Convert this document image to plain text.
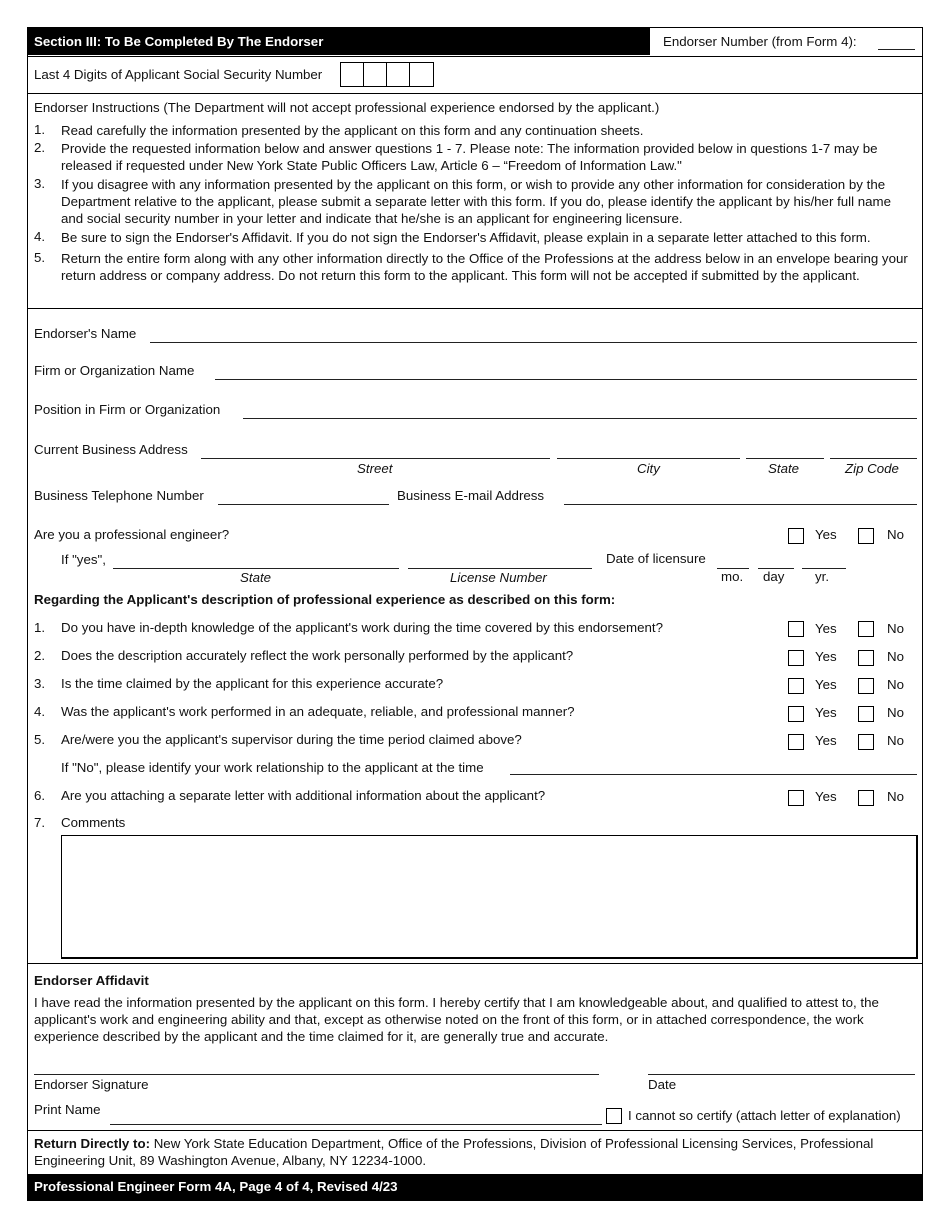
Section III: To Be Completed By The Endorser	Endorser Number (from Form 4):
Last 4 Digits of Applicant Social Security Number
Endorser Instructions (The Department will not accept professional experience endorsed by the applicant.)
1. Read carefully the information presented by the applicant on this form and any continuation sheets.
2. Provide the requested information below and answer questions 1 - 7. Please note: The information provided below in questions 1-7 may be released if requested under New York State Public Officers Law, Article 6 – “Freedom of Information Law."
3. If you disagree with any information presented by the applicant on this form, or wish to provide any other information for consideration by the Department relative to the applicant, please submit a separate letter with this form. If you do, please identify the applicant by his/her full name and social security number in your letter and indicate that he/she is an applicant for engineering licensure.
4. Be sure to sign the Endorser's Affidavit. If you do not sign the Endorser's Affidavit, please explain in a separate letter attached to this form.
5. Return the entire form along with any other information directly to the Office of the Professions at the address below in an envelope bearing your return address or company address. Do not return this form to the applicant. This form will not be accepted if submitted by the applicant.
Endorser's Name
Firm or Organization Name
Position in Firm or Organization
Current Business Address
Street	City	State	Zip Code
Business Telephone Number	Business E-mail Address
Are you a professional engineer?	Yes	No
If "yes",
State	License Number
Date of licensure
mo. day yr.
Regarding the Applicant's description of professional experience as described on this form:
1. Do you have in-depth knowledge of the applicant's work during the time covered by this endorsement?	Yes	No
2. Does the description accurately reflect the work personally performed by the applicant?	Yes	No
3. Is the time claimed by the applicant for this experience accurate?	Yes	No
4. Was the applicant's work performed in an adequate, reliable, and professional manner?	Yes	No
5. Are/were you the applicant's supervisor during the time period claimed above?	Yes	No
If "No", please identify your work relationship to the applicant at the time
6. Are you attaching a separate letter with additional information about the applicant?	Yes	No
7. Comments
Endorser Affidavit
I have read the information presented by the applicant on this form. I hereby certify that I am knowledgeable about, and qualified to attest to, the applicant's work and engineering ability and that, except as otherwise noted on the front of this form, or in attached correspondence, the work experience described by the applicant and the time claimed for it, are generally true and accurate.
Endorser Signature	Date
Print Name	I cannot so certify (attach letter of explanation)
Return Directly to: New York State Education Department, Office of the Professions, Division of Professional Licensing Services, Professional Engineering Unit, 89 Washington Avenue, Albany, NY 12234-1000.
Professional Engineer Form 4A, Page 4 of 4, Revised 4/23
